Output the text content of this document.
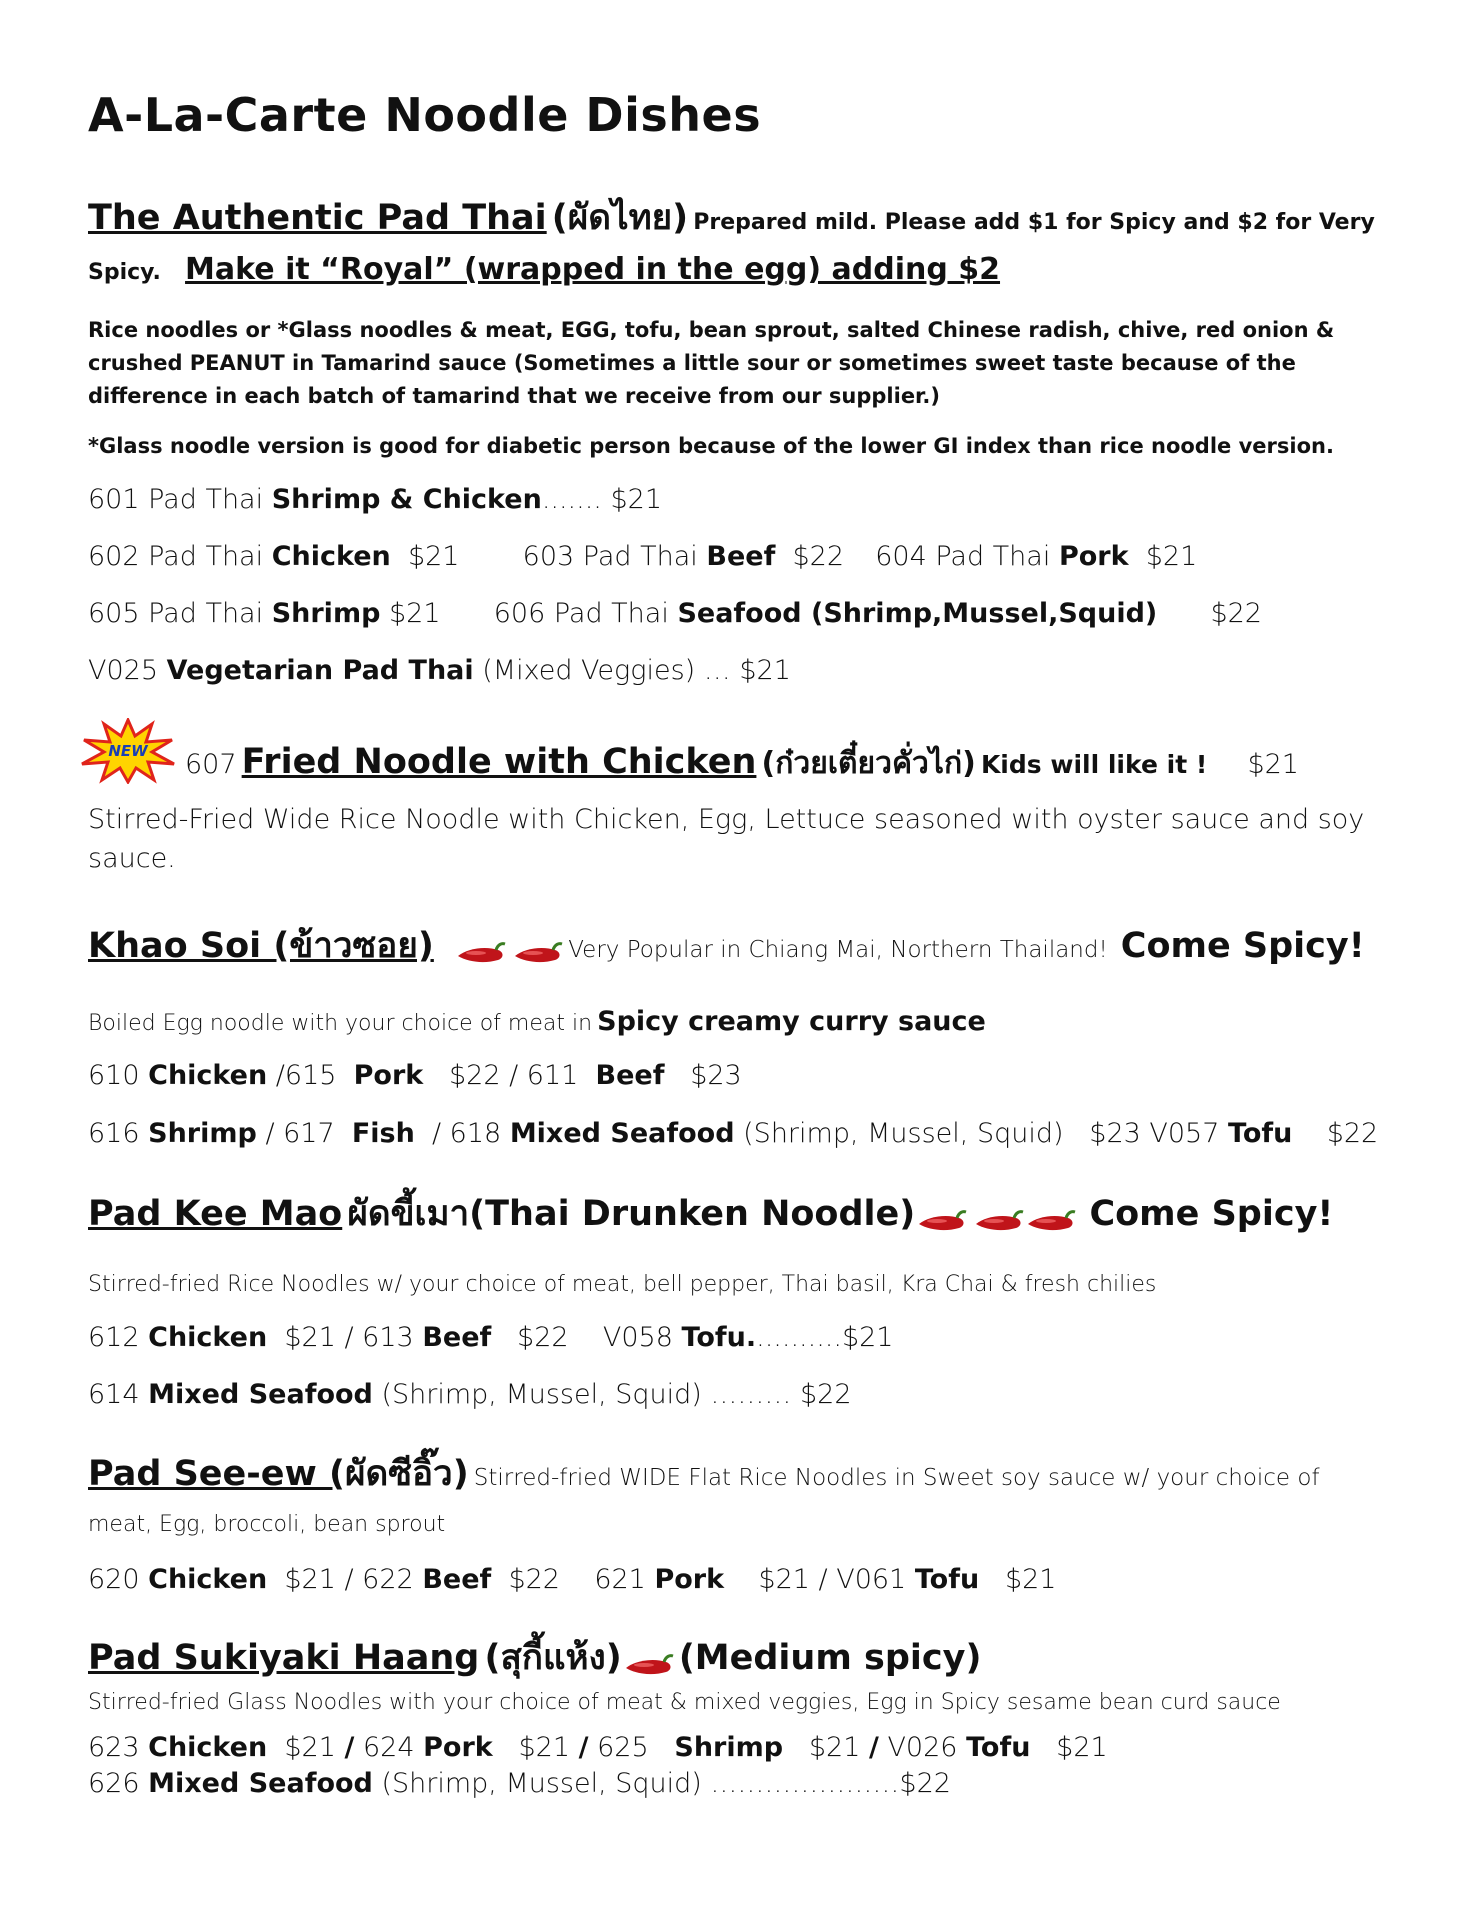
A-La-Carte Noodle Dishes
The Authentic Pad Thai (ผัดไทย) Prepared mild. Please add $1 for Spicy and $2 for Very
Spicy. Make it “Royal” (wrapped in the egg) adding $2
Rice noodles or *Glass noodles & meat, EGG, tofu, bean sprout, salted Chinese radish, chive, red onion & crushed PEANUT in Tamarind sauce (Sometimes a little sour or sometimes sweet taste because of the difference in each batch of tamarind that we receive from our supplier.)
*Glass noodle version is good for diabetic person because of the lower GI index than rice noodle version.
601 Pad Thai Shrimp & Chicken....... $21
602 Pad Thai Chicken $21 603 Pad Thai Beef $22 604 Pad Thai Pork $21
605 Pad Thai Shrimp $21 606 Pad Thai Seafood (Shrimp,Mussel,Squid) $22
V025 Vegetarian Pad Thai (Mixed Veggies) … $21
NEW 607 Fried Noodle with Chicken (ก๋วยเตี๋ยวคั่วไก่) Kids will like it ! $21
Stirred-Fried Wide Rice Noodle with Chicken, Egg, Lettuce seasoned with oyster sauce and soy sauce.
Khao Soi (ข้าวซอย)
	Very Popular in Chiang Mai, Northern Thailand! Come Spicy!
Boiled Egg noodle with your choice of meat in Spicy creamy curry sauce
610 Chicken /615 Pork $22 / 611 Beef $23
616 Shrimp / 617 Fish / 618 Mixed Seafood (Shrimp, Mussel, Squid) $23 V057 Tofu $22
Pad Kee Mao ผัดขี้เมา(Thai Drunken Noodle)
	Come Spicy!
Stirred-fried Rice Noodles w/ your choice of meat, bell pepper, Thai basil, Kra Chai & fresh chilies
612 Chicken $21 / 613 Beef $22 V058 Tofu...........$21
614 Mixed Seafood (Shrimp, Mussel, Squid) ……… $22
Pad See-ew (ผัดซีอิ๊ว) Stirred-fried WIDE Flat Rice Noodles in Sweet soy sauce w/ your choice of
meat, Egg, broccoli, bean sprout
620 Chicken $21 / 622 Beef $22 621 Pork $21 / V061 Tofu $21
Pad Sukiyaki Haang (สุกี้แห้ง) (Medium spicy)
Stirred-fried Glass Noodles with your choice of meat & mixed veggies, Egg in Spicy sesame bean curd sauce
623 Chicken $21 / 624 Pork $21 / 625 Shrimp $21 / V026 Tofu $21
626 Mixed Seafood (Shrimp, Mussel, Squid) …………………$22
